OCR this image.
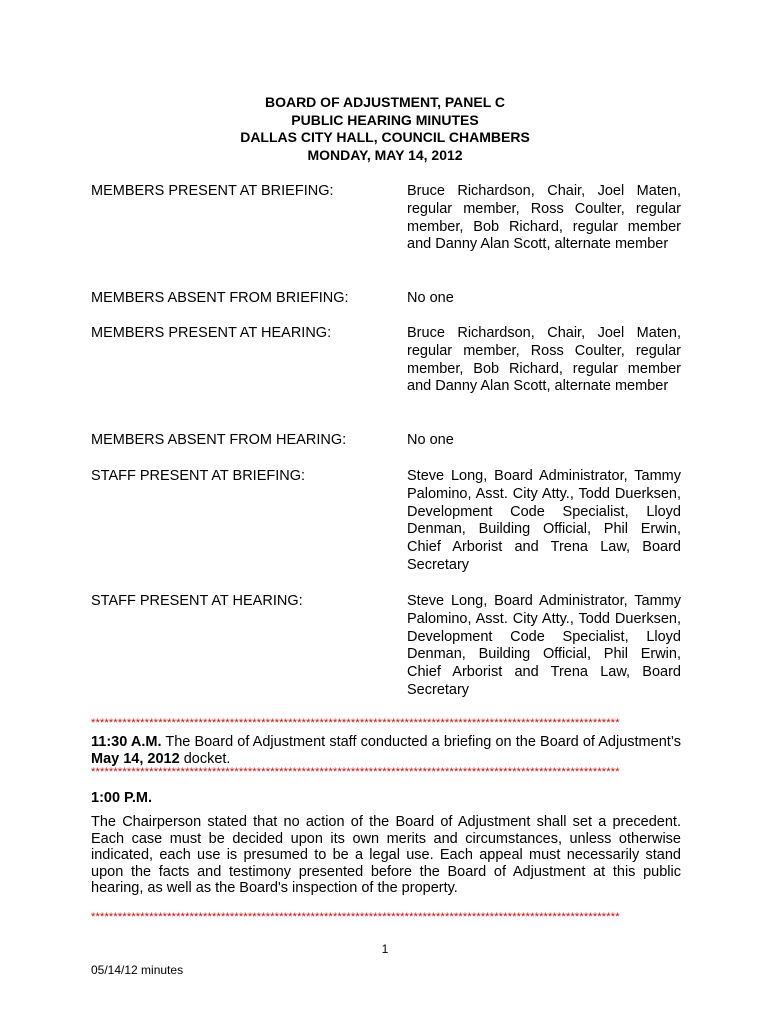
BOARD OF ADJUSTMENT, PANEL C
PUBLIC HEARING MINUTES
DALLAS CITY HALL, COUNCIL CHAMBERS
MONDAY, MAY 14, 2012
MEMBERS PRESENT AT BRIEFING:	Bruce Richardson, Chair, Joel Maten, regular member, Ross Coulter, regular member, Bob Richard, regular member and Danny Alan Scott, alternate member
MEMBERS ABSENT FROM BRIEFING:	No one
MEMBERS PRESENT AT HEARING:	Bruce Richardson, Chair, Joel Maten, regular member, Ross Coulter, regular member, Bob Richard, regular member and Danny Alan Scott, alternate member
MEMBERS ABSENT FROM HEARING:	No one
STAFF PRESENT AT BRIEFING:	Steve Long, Board Administrator, Tammy Palomino, Asst. City Atty., Todd Duerksen, Development Code Specialist, Lloyd Denman, Building Official, Phil Erwin, Chief Arborist and Trena Law, Board Secretary
STAFF PRESENT AT HEARING:	Steve Long, Board Administrator, Tammy Palomino, Asst. City Atty., Todd Duerksen, Development Code Specialist, Lloyd Denman, Building Official, Phil Erwin, Chief Arborist and Trena Law, Board Secretary
**********************************************************************************************************************
11:30 A.M. The Board of Adjustment staff conducted a briefing on the Board of Adjustment’s May 14, 2012 docket.
**********************************************************************************************************************
1:00 P.M.
The Chairperson stated that no action of the Board of Adjustment shall set a precedent. Each case must be decided upon its own merits and circumstances, unless otherwise indicated, each use is presumed to be a legal use. Each appeal must necessarily stand upon the facts and testimony presented before the Board of Adjustment at this public hearing, as well as the Board's inspection of the property.
**********************************************************************************************************************
1
05/14/12 minutes
